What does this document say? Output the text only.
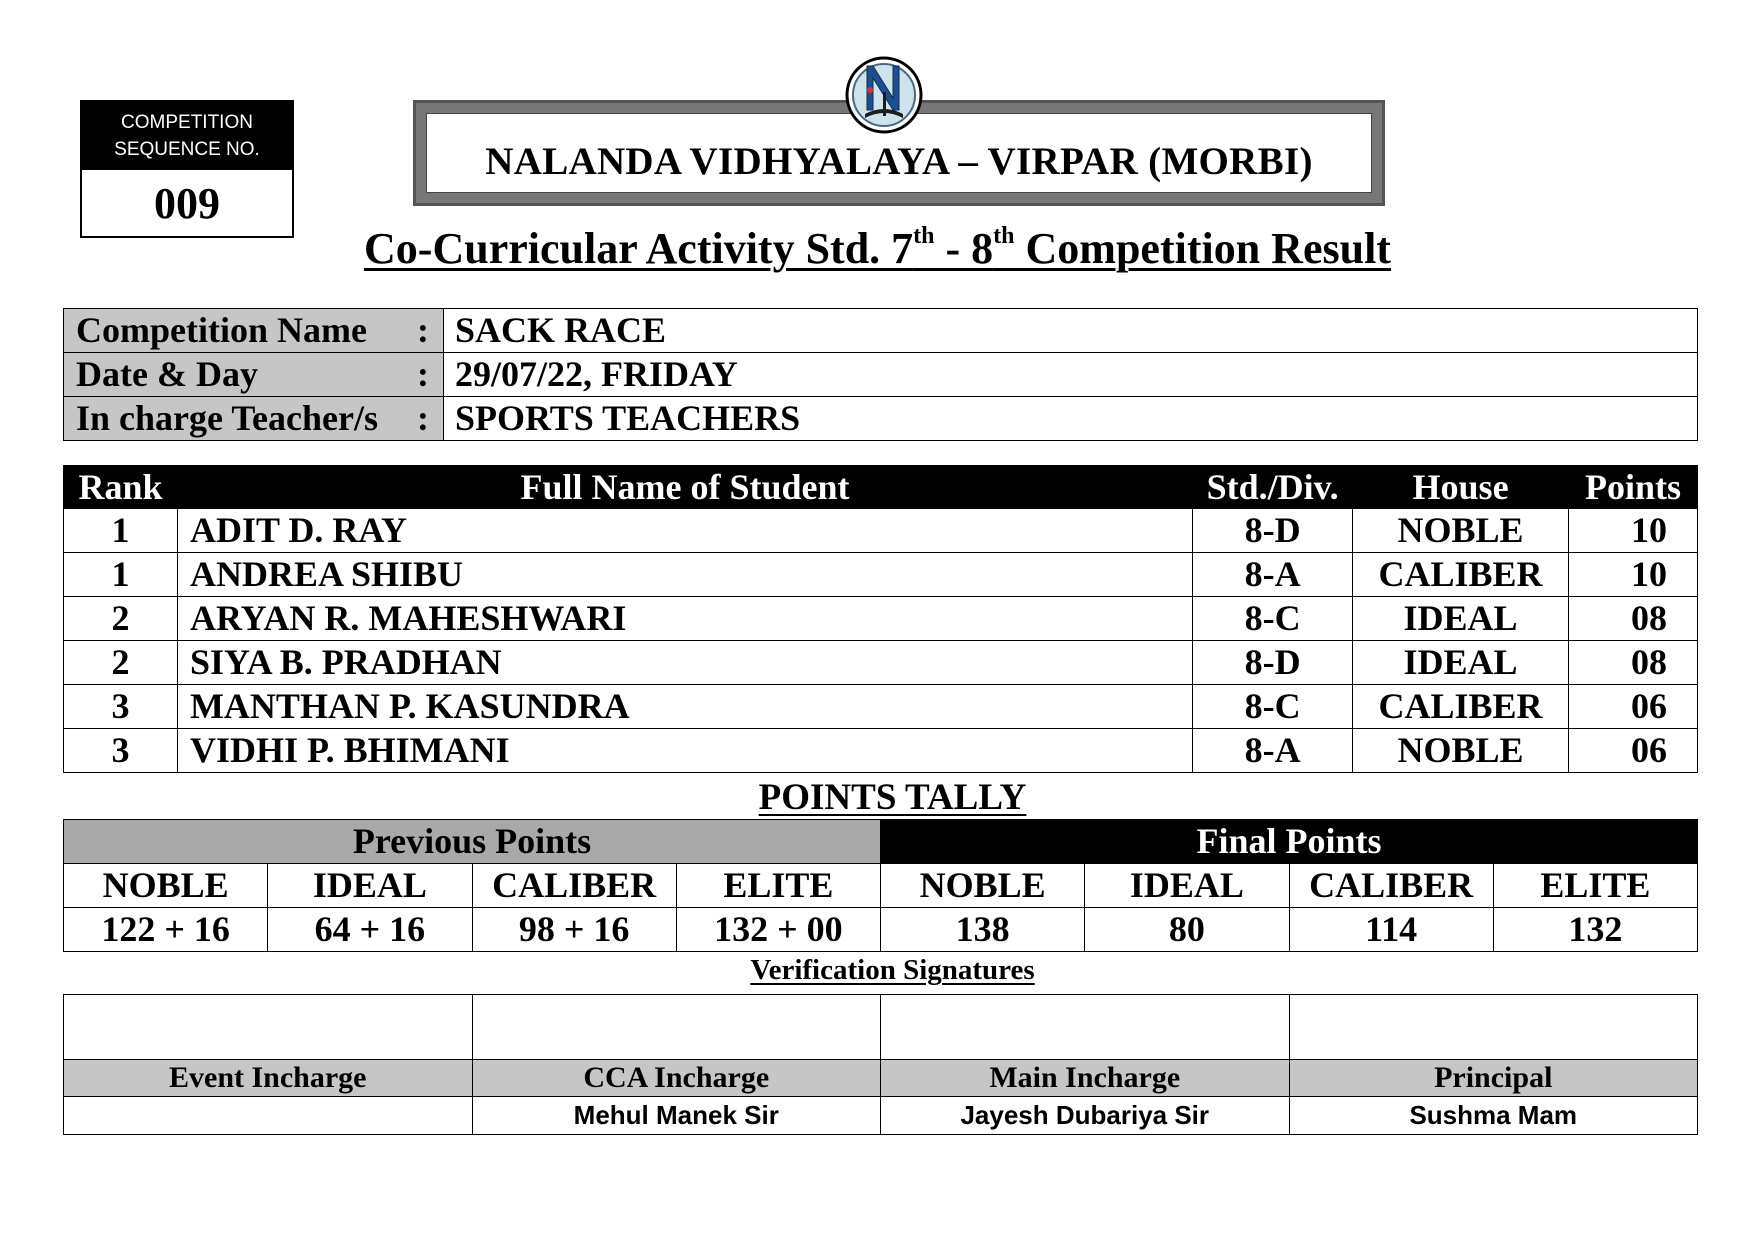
COMPETITION
SEQUENCE NO.
009
NALANDA VIDHYALAYA – VIRPAR (MORBI)
Co-Curricular Activity Std. 7th - 8th Competition Result
Competition Name :	SACK RACE
Date & Day :	29/07/22, FRIDAY
In charge Teacher/s :	SPORTS TEACHERS
Rank	Full Name of Student	Std./Div.	House	Points
1	ADIT D. RAY	8-D	NOBLE	10
1	ANDREA SHIBU	8-A	CALIBER	10
2	ARYAN R. MAHESHWARI	8-C	IDEAL	08
2	SIYA B. PRADHAN	8-D	IDEAL	08
3	MANTHAN P. KASUNDRA	8-C	CALIBER	06
3	VIDHI P. BHIMANI	8-A	NOBLE	06
POINTS TALLY
Previous Points				Final Points			
NOBLE	IDEAL	CALIBER	ELITE	NOBLE	IDEAL	CALIBER	ELITE
122 + 16	64 + 16	98 + 16	132 + 00	138	80	114	132
Verification Signatures

Event Incharge	CCA Incharge	Main Incharge	Principal
	Mehul Manek Sir	Jayesh Dubariya Sir	Sushma Mam
